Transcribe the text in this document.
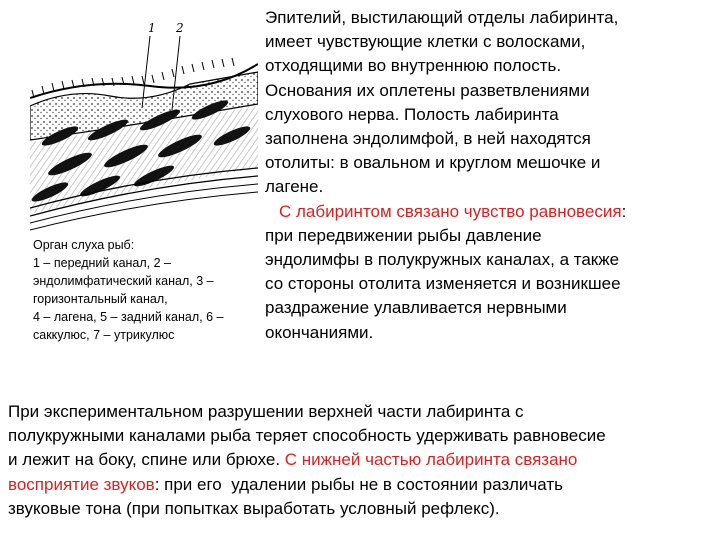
1 2
Орган слуха рыб:
1 – передний канал, 2 –
эндолимфатический канал, 3 –
горизонтальный канал,
4 – лагена, 5 – задний канал, 6 –
саккулюс, 7 – утрикулюс
Эпителий, выстилающий отделы лабиринта,
имеет чувствующие клетки с волосками,
отходящими во внутреннюю полость.
Основания их оплетены разветвлениями
слухового нерва. Полость лабиринта
заполнена эндолимфой, в ней находятся
отолиты: в овальном и круглом мешочке и
лагене.
С лабиринтом связано чувство равновесия:
при передвижении рыбы давление
эндолимфы в полукружных каналах, а также
со стороны отолита изменяется и возникшее
раздражение улавливается нервными
окончаниями.
При экспериментальном разрушении верхней части лабиринта с
полукружными каналами рыба теряет способность удерживать равновесие
и лежит на боку, спине или брюхе. С нижней частью лабиринта связано
восприятие звуков: при его  удалении рыбы не в состоянии различать
звуковые тона (при попытках выработать условный рефлекс).
